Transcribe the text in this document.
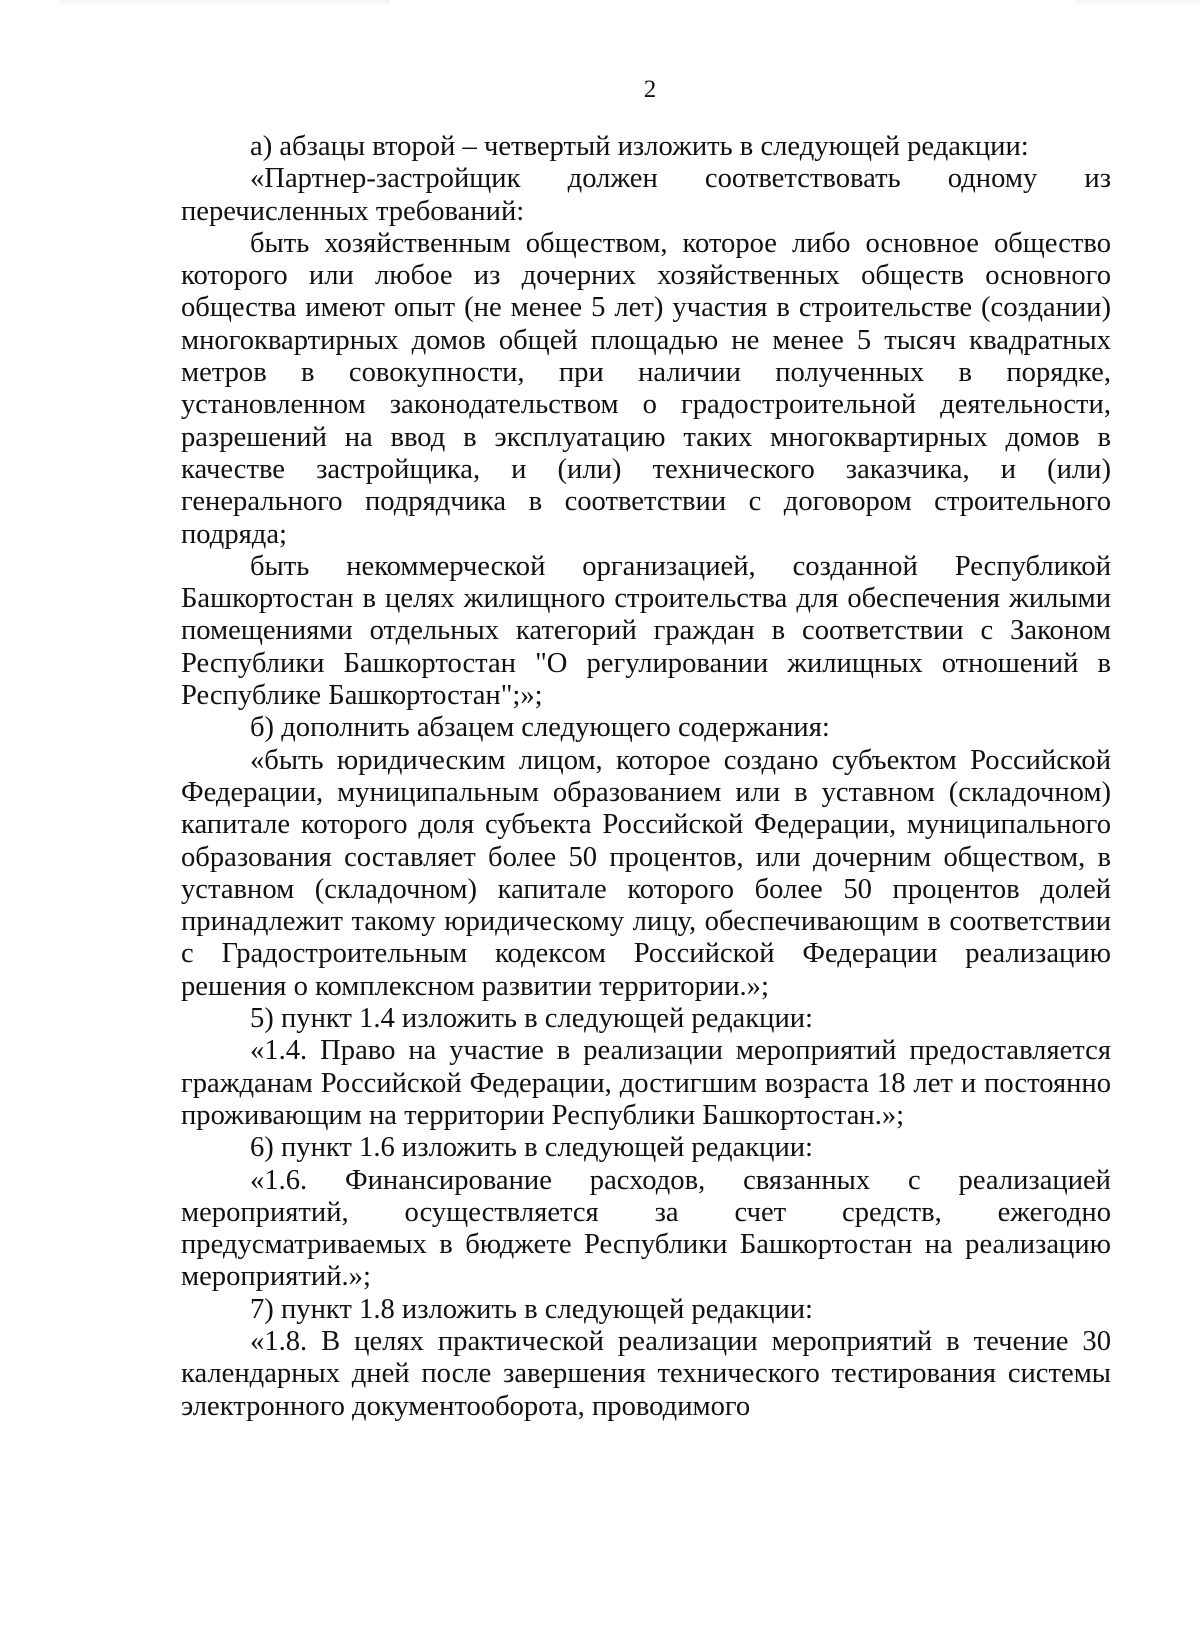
2

а) абзацы второй – четвертый изложить в следующей редакции:

«Партнер-застройщик должен соответствовать одному из перечисленных требований:

быть хозяйственным обществом, которое либо основное общество которого или любое из дочерних хозяйственных обществ основного общества имеют опыт (не менее 5 лет) участия в строительстве (создании) многоквартирных домов общей площадью не менее 5 тысяч квадратных метров в совокупности, при наличии полученных в порядке, установленном законодательством о градостроительной деятельности, разрешений на ввод в эксплуатацию таких многоквартирных домов в качестве застройщика, и (или) технического заказчика, и (или) генерального подрядчика в соответствии с договором строительного подряда;

быть некоммерческой организацией, созданной Республикой Башкортостан в целях жилищного строительства для обеспечения жилыми помещениями отдельных категорий граждан в соответствии с Законом Республики Башкортостан "О регулировании жилищных отношений в Республике Башкортостан";»;

б) дополнить абзацем следующего содержания:

«быть юридическим лицом, которое создано субъектом Российской Федерации, муниципальным образованием или в уставном (складочном) капитале которого доля субъекта Российской Федерации, муниципального образования составляет более 50 процентов, или дочерним обществом, в уставном (складочном) капитале которого более 50 процентов долей принадлежит такому юридическому лицу, обеспечивающим в соответствии с Градостроительным кодексом Российской Федерации реализацию решения о комплексном развитии территории.»;

5) пункт 1.4 изложить в следующей редакции:

«1.4. Право на участие в реализации мероприятий предоставляется гражданам Российской Федерации, достигшим возраста 18 лет и постоянно проживающим на территории Республики Башкортостан.»;

6) пункт 1.6 изложить в следующей редакции:

«1.6. Финансирование расходов, связанных с реализацией мероприятий, осуществляется за счет средств, ежегодно предусматриваемых в бюджете Республики Башкортостан на реализацию мероприятий.»;

7) пункт 1.8 изложить в следующей редакции:

«1.8. В целях практической реализации мероприятий в течение 30 календарных дней после завершения технического тестирования системы электронного документооборота, проводимого
